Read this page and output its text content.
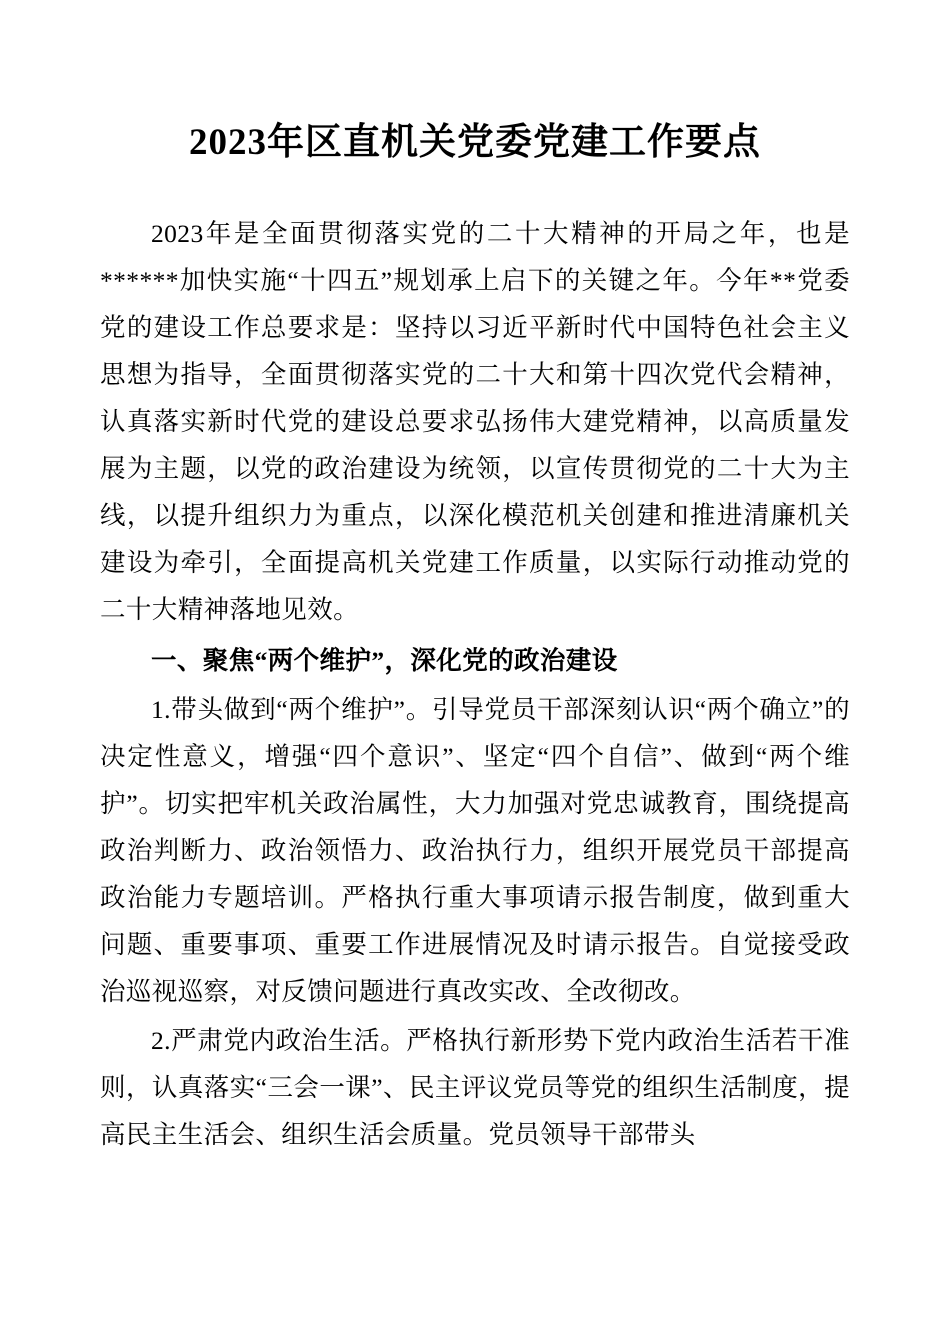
2023年区直机关党委党建工作要点

2023年是全面贯彻落实党的二十大精神的开局之年，也是******加快实施“十四五”规划承上启下的关键之年。今年**党委党的建设工作总要求是：坚持以习近平新时代中国特色社会主义思想为指导，全面贯彻落实党的二十大和第十四次党代会精神，认真落实新时代党的建设总要求弘扬伟大建党精神，以高质量发展为主题，以党的政治建设为统领，以宣传贯彻党的二十大为主线，以提升组织力为重点，以深化模范机关创建和推进清廉机关建设为牵引，全面提高机关党建工作质量，以实际行动推动党的二十大精神落地见效。

一、聚焦“两个维护”，深化党的政治建设

1.带头做到“两个维护”。引导党员干部深刻认识“两个确立”的决定性意义，增强“四个意识”、坚定“四个自信”、做到“两个维护”。切实把牢机关政治属性，大力加强对党忠诚教育，围绕提高政治判断力、政治领悟力、政治执行力，组织开展党员干部提高政治能力专题培训。严格执行重大事项请示报告制度，做到重大问题、重要事项、重要工作进展情况及时请示报告。自觉接受政治巡视巡察，对反馈问题进行真改实改、全改彻改。

2.严肃党内政治生活。严格执行新形势下党内政治生活若干准则，认真落实“三会一课”、民主评议党员等党的组织生活制度，提高民主生活会、组织生活会质量。党员领导干部带头
